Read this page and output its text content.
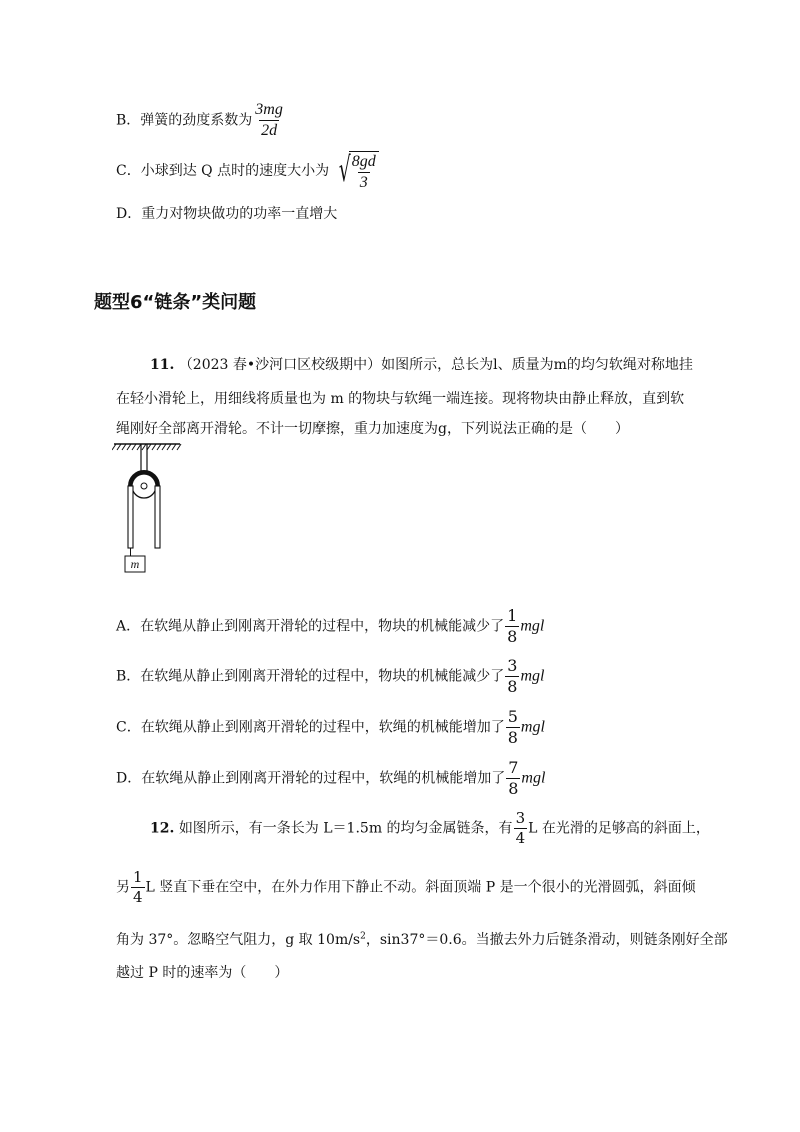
B．弹簧的劲度系数为 $\frac{3mg}{2d}$
C．小球到达 Q 点时的速度大小为 √ $\frac{8gd}{3}$
D．重力对物块做功的功率一直增大
题型6“链条”类问题
11. （2023 春•沙河口区校级期中）如图所示，总长为l、质量为m的均匀软绳对称地挂
在轻小滑轮上，用细线将质量也为 m 的物块与软绳一端连接。现将物块由静止释放，直到软
绳刚好全部离开滑轮。不计一切摩擦，重力加速度为g，下列说法正确的是（　　）
m
A．在软绳从静止到刚离开滑轮的过程中，物块的机械能减少了 $\frac{1}{8}$ mgl
B．在软绳从静止到刚离开滑轮的过程中，物块的机械能减少了 $\frac{3}{8}$ mgl
C．在软绳从静止到刚离开滑轮的过程中，软绳的机械能增加了 $\frac{5}{8}$ mgl
D．在软绳从静止到刚离开滑轮的过程中，软绳的机械能增加了 $\frac{7}{8}$ mgl
12. 如图所示，有一条长为 L＝1.5m 的均匀金属链条，有 $\frac{3}{4}$ L 在光滑的足够高的斜面上，
另 $\frac{1}{4}$ L 竖直下垂在空中，在外力作用下静止不动。斜面顶端 P 是一个很小的光滑圆弧，斜面倾
角为 37°。忽略空气阻力，g 取 $10m/s^2$，sin37°＝0.6。当撤去外力后链条滑动，则链条刚好全部
越过 P 时的速率为（　　）
